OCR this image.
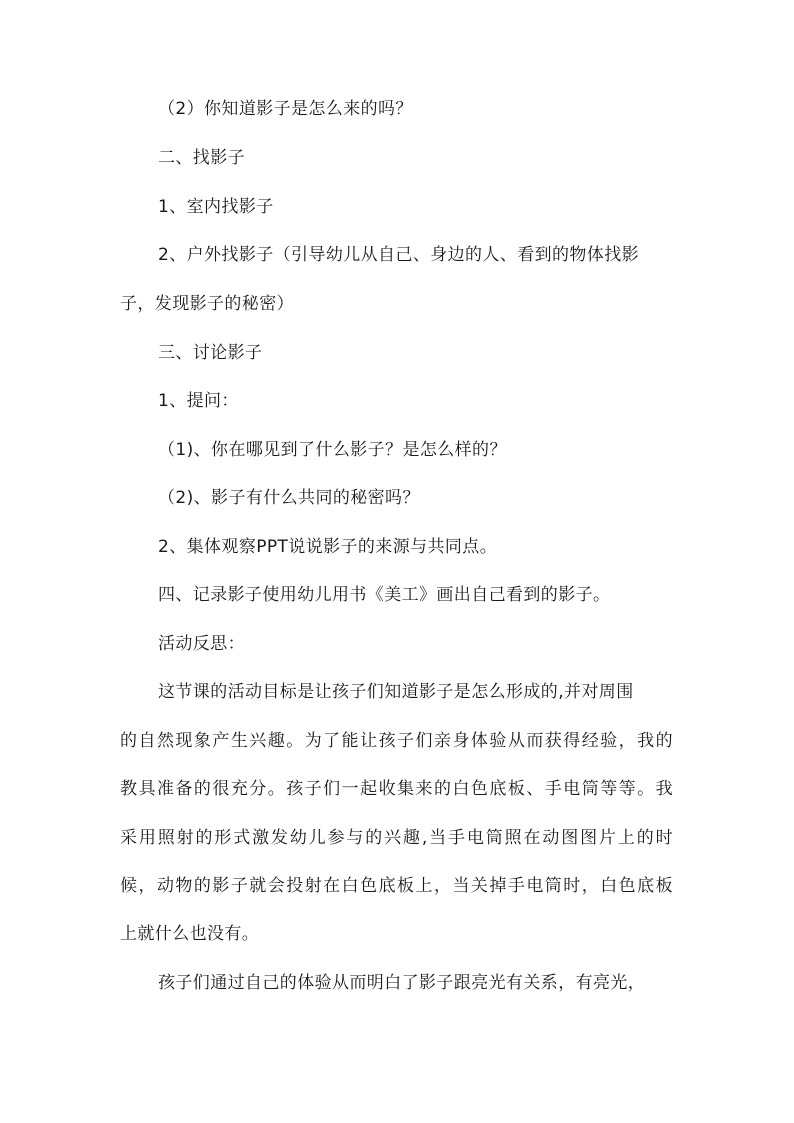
（2）你知道影子是怎么来的吗？
二、找影子
1、室内找影子
2、户外找影子（引导幼儿从自己、身边的人、看到的物体找影
子，发现影子的秘密）
三、讨论影子
1、提问：
（1)、你在哪见到了什么影子？是怎么样的？
（2)、影子有什么共同的秘密吗？
2、集体观察PPT说说影子的来源与共同点。
四、记录影子使用幼儿用书《美工》画出自己看到的影子。
活动反思：
这节课的活动目标是让孩子们知道影子是怎么形成的,并对周围
的自然现象产生兴趣。为了能让孩子们亲身体验从而获得经验，我的
教具准备的很充分。孩子们一起收集来的白色底板、手电筒等等。我
采用照射的形式激发幼儿参与的兴趣,当手电筒照在动图图片上的时
候，动物的影子就会投射在白色底板上，当关掉手电筒时，白色底板
上就什么也没有。
孩子们通过自己的体验从而明白了影子跟亮光有关系，有亮光，
